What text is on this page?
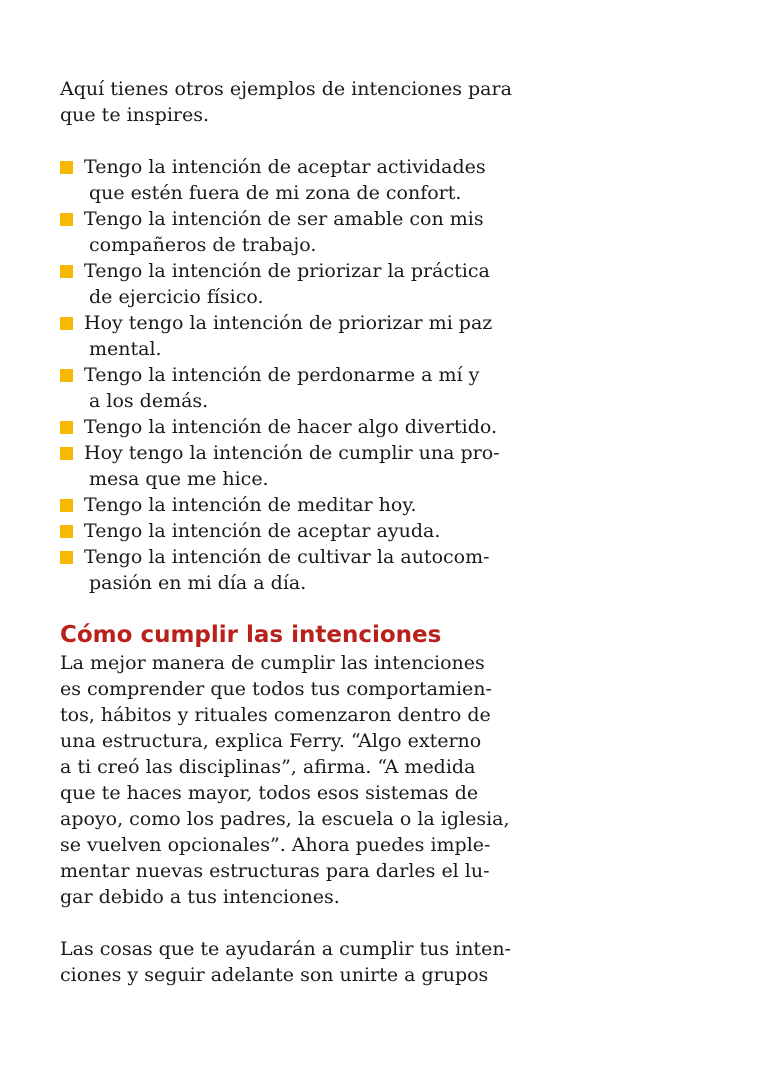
Aquí tienes otros ejemplos de intenciones para
que te inspires.

Tengo la intención de aceptar actividades
que estén fuera de mi zona de confort.
Tengo la intención de ser amable con mis
compañeros de trabajo.
Tengo la intención de priorizar la práctica
de ejercicio físico.
Hoy tengo la intención de priorizar mi paz
mental.
Tengo la intención de perdonarme a mí y
a los demás.
Tengo la intención de hacer algo divertido.
Hoy tengo la intención de cumplir una pro-
mesa que me hice.
Tengo la intención de meditar hoy.
Tengo la intención de aceptar ayuda.
Tengo la intención de cultivar la autocom-
pasión en mi día a día.
Cómo cumplir las intenciones

La mejor manera de cumplir las intenciones
es comprender que todos tus comportamien-
tos, hábitos y rituales comenzaron dentro de
una estructura, explica Ferry. “Algo externo
a ti creó las disciplinas”, afirma. “A medida
que te haces mayor, todos esos sistemas de
apoyo, como los padres, la escuela o la iglesia,
se vuelven opcionales”. Ahora puedes imple-
mentar nuevas estructuras para darles el lu-
gar debido a tus intenciones.

Las cosas que te ayudarán a cumplir tus inten-
ciones y seguir adelante son unirte a grupos
